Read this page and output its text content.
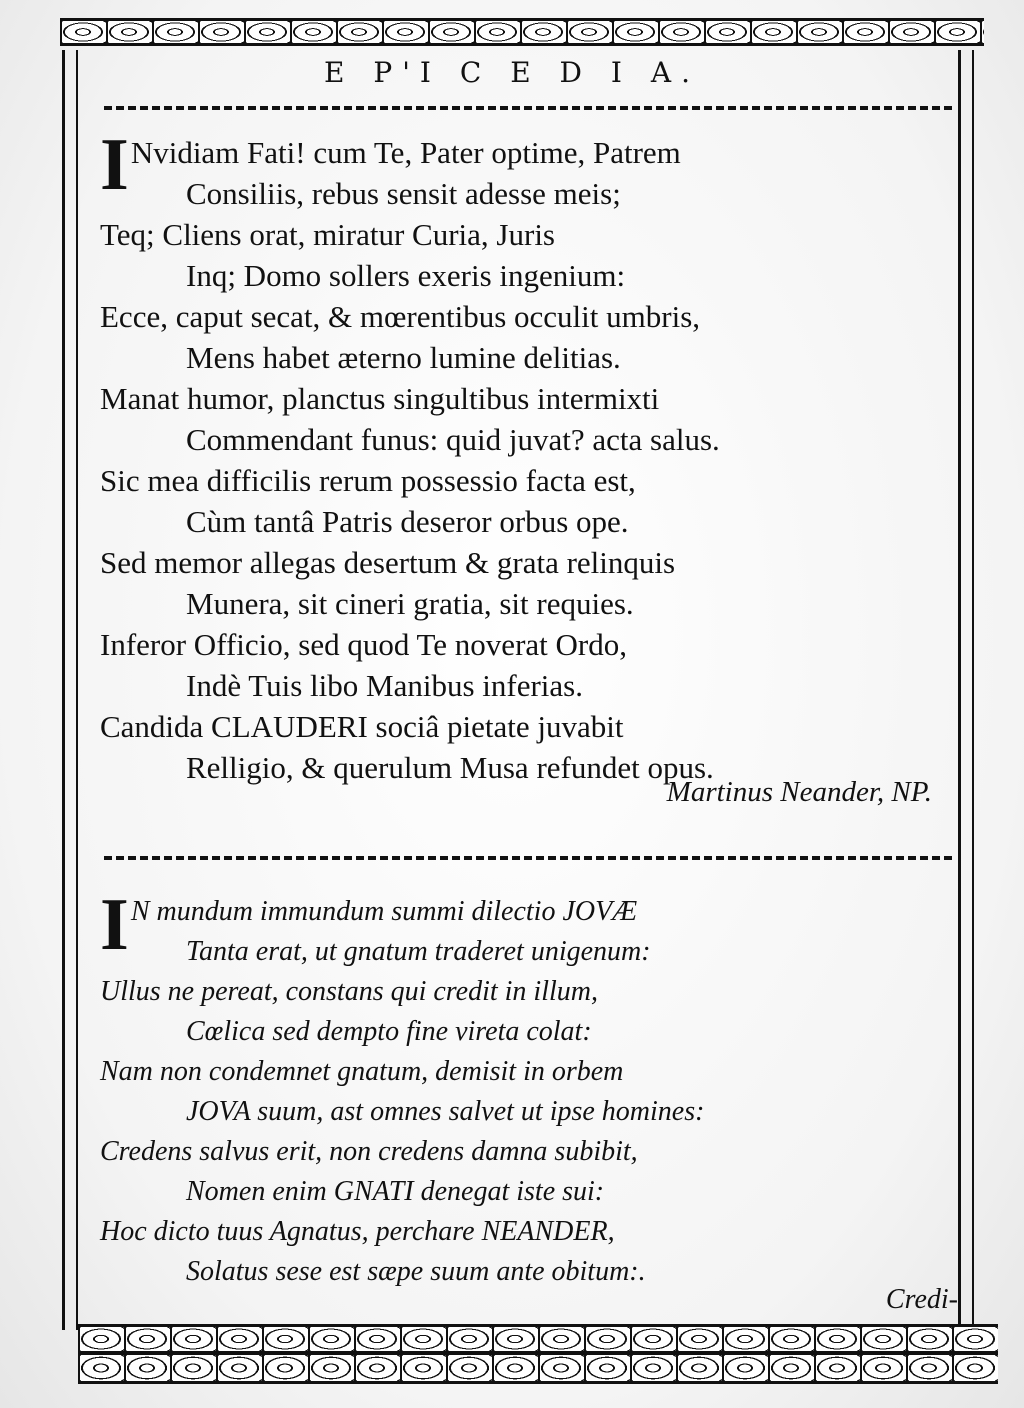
E P'I C E D I A.
I Nvidiam Fati! cum Te, Pater optime, Patrem
Consiliis, rebus sensit adesse meis;
Teq; Cliens orat, miratur Curia, Juris
Inq; Domo sollers exeris ingenium:
Ecce, caput secat, & mœrentibus occulit umbris,
Mens habet æterno lumine delitias.
Manat humor, planctus singultibus intermixti
Commendant funus: quid juvat? acta salus.
Sic mea difficilis rerum possessio facta est,
Cùm tantâ Patris deseror orbus ope.
Sed memor allegas desertum & grata relinquis
Munera, sit cineri gratia, sit requies.
Inferor Officio, sed quod Te noverat Ordo,
Indè Tuis libo Manibus inferias.
Candida CLAUDERI sociâ pietate juvabit
Relligio, & querulum Musa refundet opus.
Martinus Neander, NP.
I N mundum immundum summi dilectio JOVÆ
Tanta erat, ut gnatum traderet unigenum:
Ullus ne pereat, constans qui credit in illum,
Cœlica sed dempto fine vireta colat:
Nam non condemnet gnatum, demisit in orbem
JOVA suum, ast omnes salvet ut ipse homines:
Credens salvus erit, non credens damna subibit,
Nomen enim GNATI denegat iste sui:
Hoc dicto tuus Agnatus, perchare NEANDER,
Solatus sese est sæpe suum ante obitum:.
Credi-
